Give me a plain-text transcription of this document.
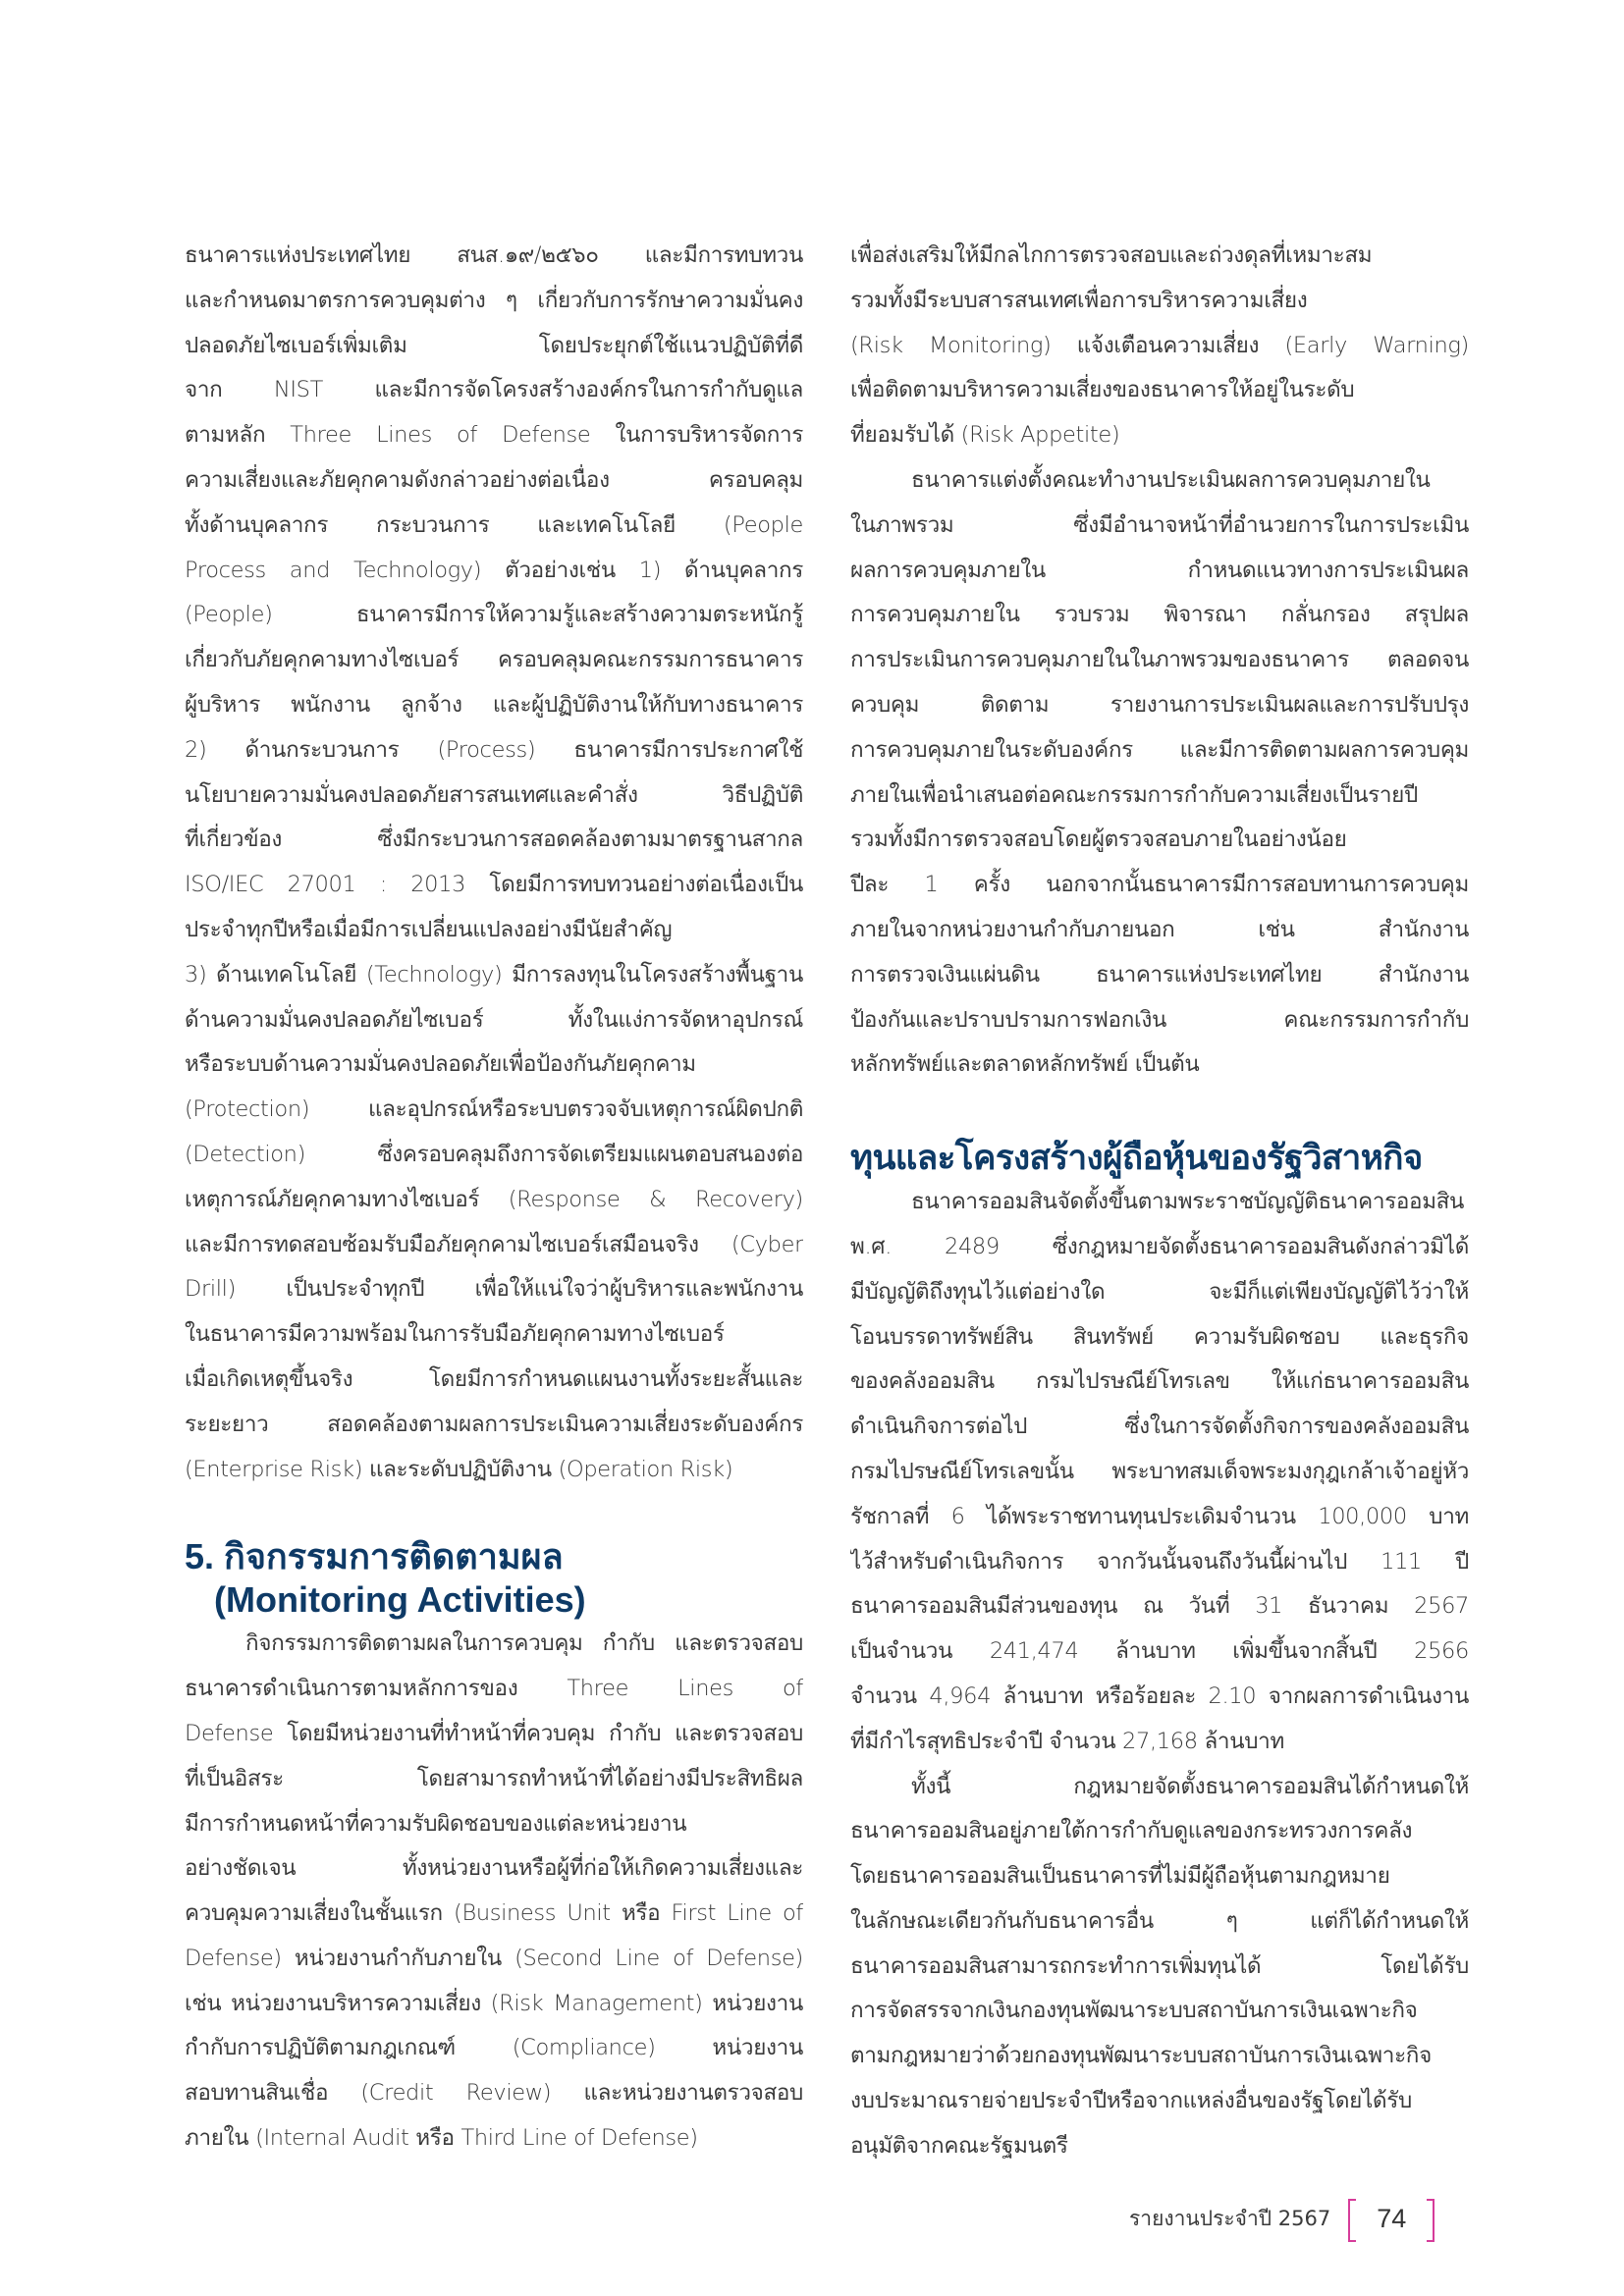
ธนาคารแห่งประเทศไทย สนส.๑๙/๒๕๖๐ และมีการทบทวน
และกำหนดมาตรการควบคุมต่าง ๆ เกี่ยวกับการรักษาความมั่นคง
ปลอดภัยไซเบอร์เพิ่มเติม โดยประยุกต์ใช้แนวปฏิบัติที่ดี
จาก NIST และมีการจัดโครงสร้างองค์กรในการกำกับดูแล
ตามหลัก Three Lines of Defense ในการบริหารจัดการ
ความเสี่ยงและภัยคุกคามดังกล่าวอย่างต่อเนื่อง ครอบคลุม
ทั้งด้านบุคลากร กระบวนการ และเทคโนโลยี (People
Process and Technology) ตัวอย่างเช่น 1) ด้านบุคลากร
(People) ธนาคารมีการให้ความรู้และสร้างความตระหนักรู้
เกี่ยวกับภัยคุกคามทางไซเบอร์ ครอบคลุมคณะกรรมการธนาคาร
ผู้บริหาร พนักงาน ลูกจ้าง และผู้ปฏิบัติงานให้กับทางธนาคาร
2) ด้านกระบวนการ (Process) ธนาคารมีการประกาศใช้
นโยบายความมั่นคงปลอดภัยสารสนเทศและคำสั่ง วิธีปฏิบัติ
ที่เกี่ยวข้อง ซึ่งมีกระบวนการสอดคล้องตามมาตรฐานสากล
ISO/IEC 27001 : 2013 โดยมีการทบทวนอย่างต่อเนื่องเป็น
ประจำทุกปีหรือเมื่อมีการเปลี่ยนแปลงอย่างมีนัยสำคัญ
3) ด้านเทคโนโลยี (Technology) มีการลงทุนในโครงสร้างพื้นฐาน
ด้านความมั่นคงปลอดภัยไซเบอร์ ทั้งในแง่การจัดหาอุปกรณ์
หรือระบบด้านความมั่นคงปลอดภัยเพื่อป้องกันภัยคุกคาม
(Protection) และอุปกรณ์หรือระบบตรวจจับเหตุการณ์ผิดปกติ
(Detection) ซึ่งครอบคลุมถึงการจัดเตรียมแผนตอบสนองต่อ
เหตุการณ์ภัยคุกคามทางไซเบอร์ (Response & Recovery)
และมีการทดสอบซ้อมรับมือภัยคุกคามไซเบอร์เสมือนจริง (Cyber
Drill) เป็นประจำทุกปี เพื่อให้แน่ใจว่าผู้บริหารและพนักงาน
ในธนาคารมีความพร้อมในการรับมือภัยคุกคามทางไซเบอร์
เมื่อเกิดเหตุขึ้นจริง โดยมีการกำหนดแผนงานทั้งระยะสั้นและ
ระยะยาว สอดคล้องตามผลการประเมินความเสี่ยงระดับองค์กร
(Enterprise Risk) และระดับปฏิบัติงาน (Operation Risk)
5. กิจกรรมการติดตามผล
(Monitoring Activities)
กิจกรรมการติดตามผลในการควบคุม กำกับ และตรวจสอบ
ธนาคารดำเนินการตามหลักการของ Three Lines of
Defense โดยมีหน่วยงานที่ทำหน้าที่ควบคุม กำกับ และตรวจสอบ
ที่เป็นอิสระ โดยสามารถทำหน้าที่ได้อย่างมีประสิทธิผล
มีการกำหนดหน้าที่ความรับผิดชอบของแต่ละหน่วยงาน
อย่างชัดเจน ทั้งหน่วยงานหรือผู้ที่ก่อให้เกิดความเสี่ยงและ
ควบคุมความเสี่ยงในชั้นแรก (Business Unit หรือ First Line of
Defense) หน่วยงานกำกับภายใน (Second Line of Defense)
เช่น หน่วยงานบริหารความเสี่ยง (Risk Management) หน่วยงาน
กำกับการปฏิบัติตามกฎเกณฑ์ (Compliance) หน่วยงาน
สอบทานสินเชื่อ (Credit Review) และหน่วยงานตรวจสอบ
ภายใน (Internal Audit หรือ Third Line of Defense)
เพื่อส่งเสริมให้มีกลไกการตรวจสอบและถ่วงดุลที่เหมาะสม
รวมทั้งมีระบบสารสนเทศเพื่อการบริหารความเสี่ยง
(Risk Monitoring) แจ้งเตือนความเสี่ยง (Early Warning)
เพื่อติดตามบริหารความเสี่ยงของธนาคารให้อยู่ในระดับ
ที่ยอมรับได้ (Risk Appetite)
ธนาคารแต่งตั้งคณะทำงานประเมินผลการควบคุมภายใน
ในภาพรวม ซึ่งมีอำนาจหน้าที่อำนวยการในการประเมิน
ผลการควบคุมภายใน กำหนดแนวทางการประเมินผล
การควบคุมภายใน รวบรวม พิจารณา กลั่นกรอง สรุปผล
การประเมินการควบคุมภายในในภาพรวมของธนาคาร ตลอดจน
ควบคุม ติดตาม รายงานการประเมินผลและการปรับปรุง
การควบคุมภายในระดับองค์กร และมีการติดตามผลการควบคุม
ภายในเพื่อนำเสนอต่อคณะกรรมการกำกับความเสี่ยงเป็นรายปี
รวมทั้งมีการตรวจสอบโดยผู้ตรวจสอบภายในอย่างน้อย
ปีละ 1 ครั้ง นอกจากนั้นธนาคารมีการสอบทานการควบคุม
ภายในจากหน่วยงานกำกับภายนอก เช่น สำนักงาน
การตรวจเงินแผ่นดิน ธนาคารแห่งประเทศไทย สำนักงาน
ป้องกันและปราบปรามการฟอกเงิน คณะกรรมการกำกับ
หลักทรัพย์และตลาดหลักทรัพย์ เป็นต้น
ทุนและโครงสร้างผู้ถือหุ้นของรัฐวิสาหกิจ
ธนาคารออมสินจัดตั้งขึ้นตามพระราชบัญญัติธนาคารออมสิน
พ.ศ. 2489 ซึ่งกฎหมายจัดตั้งธนาคารออมสินดังกล่าวมิได้
มีบัญญัติถึงทุนไว้แต่อย่างใด จะมีก็แต่เพียงบัญญัติไว้ว่าให้
โอนบรรดาทรัพย์สิน สินทรัพย์ ความรับผิดชอบ และธุรกิจ
ของคลังออมสิน กรมไปรษณีย์โทรเลข ให้แก่ธนาคารออมสิน
ดำเนินกิจการต่อไป ซึ่งในการจัดตั้งกิจการของคลังออมสิน
กรมไปรษณีย์โทรเลขนั้น พระบาทสมเด็จพระมงกุฎเกล้าเจ้าอยู่หัว
รัชกาลที่ 6 ได้พระราชทานทุนประเดิมจำนวน 100,000 บาท
ไว้สำหรับดำเนินกิจการ จากวันนั้นจนถึงวันนี้ผ่านไป 111 ปี
ธนาคารออมสินมีส่วนของทุน ณ วันที่ 31 ธันวาคม 2567
เป็นจำนวน 241,474 ล้านบาท เพิ่มขึ้นจากสิ้นปี 2566
จำนวน 4,964 ล้านบาท หรือร้อยละ 2.10 จากผลการดำเนินงาน
ที่มีกำไรสุทธิประจำปี จำนวน 27,168 ล้านบาท
ทั้งนี้ กฎหมายจัดตั้งธนาคารออมสินได้กำหนดให้
ธนาคารออมสินอยู่ภายใต้การกำกับดูแลของกระทรวงการคลัง
โดยธนาคารออมสินเป็นธนาคารที่ไม่มีผู้ถือหุ้นตามกฎหมาย
ในลักษณะเดียวกันกับธนาคารอื่น ๆ แต่ก็ได้กำหนดให้
ธนาคารออมสินสามารถกระทำการเพิ่มทุนได้ โดยได้รับ
การจัดสรรจากเงินกองทุนพัฒนาระบบสถาบันการเงินเฉพาะกิจ
ตามกฎหมายว่าด้วยกองทุนพัฒนาระบบสถาบันการเงินเฉพาะกิจ
งบประมาณรายจ่ายประจำปีหรือจากแหล่งอื่นของรัฐโดยได้รับ
อนุมัติจากคณะรัฐมนตรี
รายงานประจำปี 2567 74
